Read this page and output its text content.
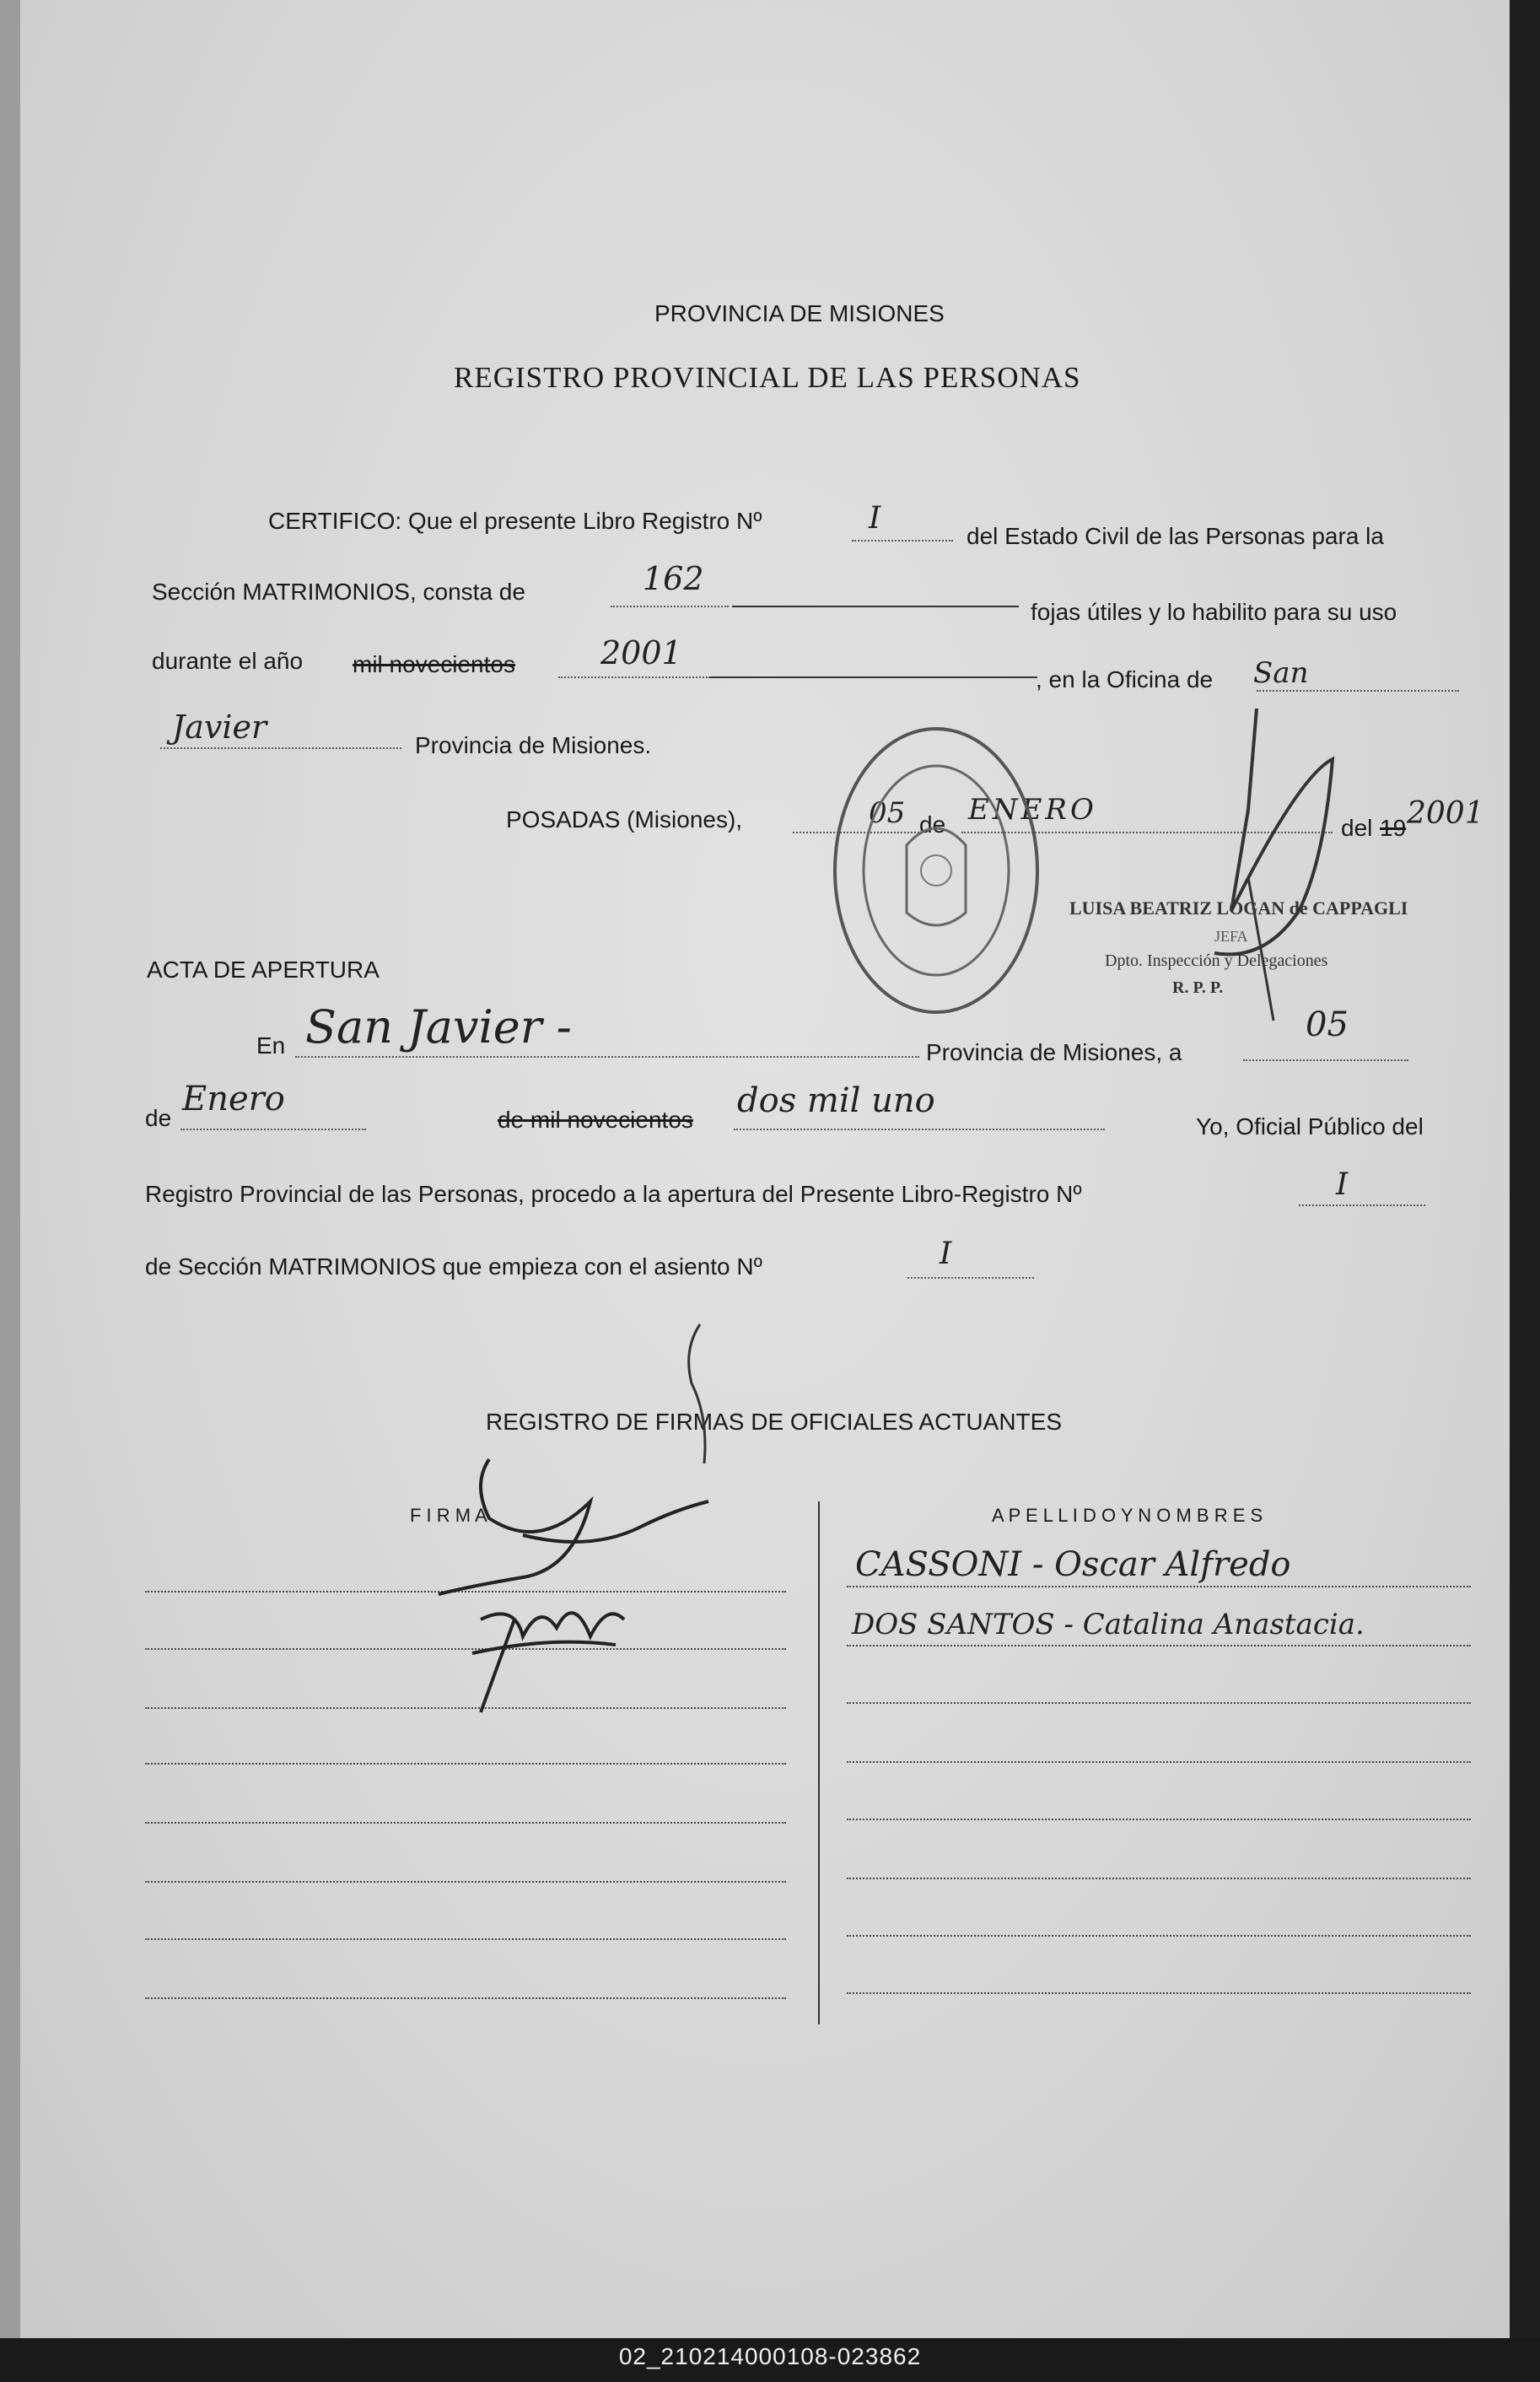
PROVINCIA DE MISIONES
REGISTRO PROVINCIAL DE LAS PERSONAS
CERTIFICO: Que el presente Libro Registro Nº	I
del Estado Civil de las Personas para la
Sección MATRIMONIOS, consta de	162
fojas útiles y lo habilito para su uso
durante el año mil novecientos	2001
, en la Oficina de San
Javier	Provincia de Misiones.
POSADAS (Misiones),	05 de ENERO
del 19 2001
LUISA BEATRIZ LOGAN de CAPPAGLI
JEFA
Dpto. Inspección y Delegaciones
R. P. P.
ACTA DE APERTURA
En San Javier -	Provincia de Misiones, a
05
de Enero
de mil novecientos dos mil uno
Yo, Oficial Público del
Registro Provincial de las Personas, procedo a la apertura del Presente Libro-Registro Nº	I
de Sección MATRIMONIOS que empieza con el asiento Nº	I
REGISTRO DE FIRMAS DE OFICIALES ACTUANTES
F I R M A	A P E L L I D O Y N O M B R E S
CASSONI - Oscar Alfredo
DOS SANTOS - Catalina Anastacia.
02_210214000108-023862
